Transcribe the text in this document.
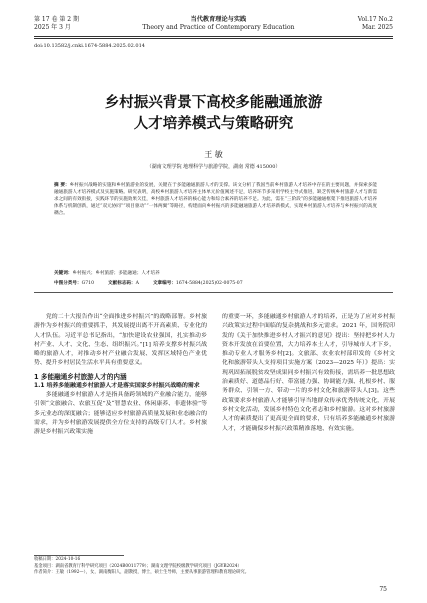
第 17 卷 第 2 期
2025 年 3 月
当代教育理论与实践
Theory and Practice of Contemporary Education
Vol.17 No.2
Mar. 2025
doi:10.13582/j.cnki.1674-5884.2025.02.014
乡村振兴背景下高校多能融通旅游
人才培养模式与策略研究
王 敏
（湖南文理学院 地理科学与旅游学院，湖南 常德 415000）
摘 要：乡村振兴战略的实施和乡村旅游业的发展，关键在于多能融通旅游人才的支撑。该文分析了我国当前乡村旅游人才培养中存在的主要问题，并探索多能融通旅游人才培养模式及实施策略。研究表明，高校乡村旅游人才培养主体单元价值阐述不足，培养环节多采用学校主导式推进，缺乏传统乡村旅游人才与新需求之间的有效衔接，实践环节的实施效果欠佳，乡村旅游人才培养的核心能力和综合素养的培养不足。为此，需在“三阶段”的多能融通框架下推进旅游人才培养体系与机制创新，通过“双元协同”“项目驱动”“一体两翼”等路径，构建面向乡村振兴的多能融通旅游人才培养新模式，实现乡村旅游人才培养与乡村振兴的高度耦合。
关键词：乡村振兴；乡村旅游；多能融通；人才培养
中图分类号：G710	文献标志码：A	文章编号：1674-5884(2025)02-0075-07

党的二十大报告作出“全面推进乡村振兴”的战略部署。乡村旅游作为乡村振兴的重要抓手，其发展提出离不开高素质、专业化的人才队伍。习近平总书记指出，“加快建设农业强国，扎实推动乡村产业、人才、文化、生态、组织振兴。”[1] 培养支撑乡村振兴战略的旅游人才，对推动乡村产业融合发展、发挥区域特色产业优势、提升乡村居民生活水平具有重要意义。

1 多能融通乡村旅游人才的内涵
1.1 培养多能融通乡村旅游人才是落实国家乡村振兴战略的需求

多能融通乡村旅游人才是指具备跨领域的产业融合能力，能够引领“文旅融合、农旅互促”及“智慧农业、休闲康养、非遗体验”等多元业态的深度融合；能够适应乡村旅游高质量发展和业态融合的需求，并为乡村旅游发展提供全方位支持的高级专门人才。乡村旅游是乡村振兴政策实施

的重要一环，多能融通乡村旅游人才的培养，正是为了应对乡村振兴政策实过程中面临的复杂挑战和多元需求。2021 年，国务院印发的《关于加快推进乡村人才振兴的意见》提出：坚持把乡村人力资本开发放在首要位置，大力培养本土人才，引导城市人才下乡，推动专业人才服务乡村[2]。文旅部、农业农村部印发的《乡村文化和旅游带头人支持项目实施方案（2023—2025 年）》提出：实现巩固拓展脱贫攻坚成果同乡村振兴有效衔接，需培养一批思想政治素质好、道德品行好、带富能力强、协调能力强、扎根乡村、服务群众、引领一方、带动一片的乡村文化和旅游带头人[3]。这些政策要求乡村旅游人才能够引导当地群众传承优秀传统文化，开展乡村文化活动，发展乡村特色文化者志和乡村旅游。这对乡村旅游人才的素质提出了更高更全面的要求，只有培养多能融通乡村旅游人才，才能确保乡村振兴政策精准落地、有效实施。

收稿日期：2024-10-16
基金项目：湖南省教育厅科学研究项目（2024B0011779）；湖南文理学院校级教学研究项目（JGYB2024）
作者简介：王敏（1992—），女，湖南衡阳人，副教授，博士，硕士生导师，主要从事旅游管理和教育理论研究。
75
